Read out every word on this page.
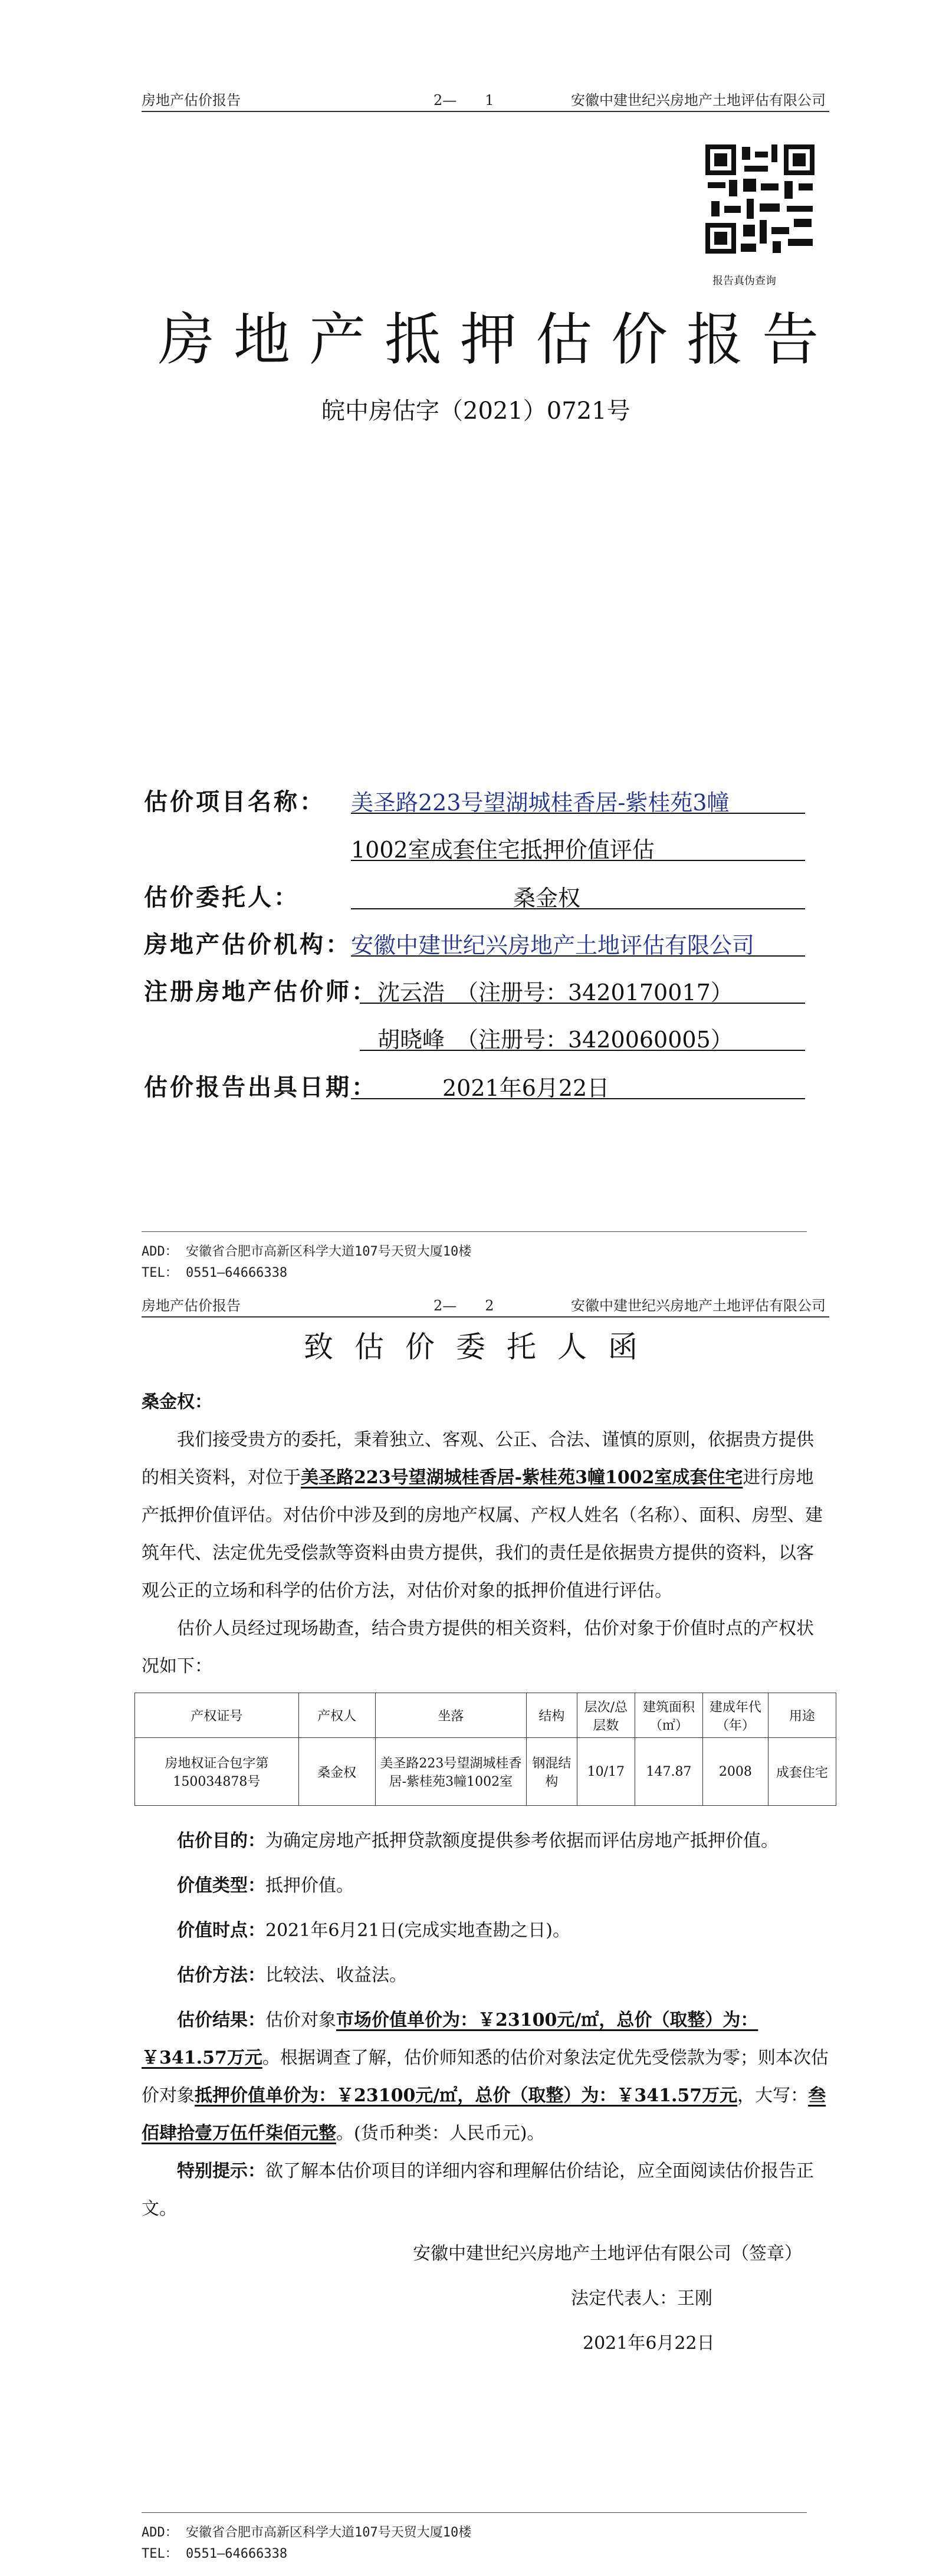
房地产估价报告	2—　　1	安徽中建世纪兴房地产土地评估有限公司
报告真伪查询
房地产抵押估价报告
皖中房估字（2021）0721号
估价项目名称： 美圣路223号望湖城桂香居-紫桂苑3幢
1002室成套住宅抵押价值评估
估价委托人：	桑金权
房地产估价机构： 安徽中建世纪兴房地产土地评估有限公司
注册房地产估价师： 沈云浩　（注册号：3420170017）
胡晓峰　（注册号：3420060005）
估价报告出具日期：	2021年6月22日
ADD： 安徽省合肥市高新区科学大道107号天贸大厦10楼
TEL： 0551—64666338
房地产估价报告	2—　　2	安徽中建世纪兴房地产土地评估有限公司
致估价委托人函
桑金权：
我们接受贵方的委托，秉着独立、客观、公正、合法、谨慎的原则，依据贵方提供的相关资料，对位于美圣路223号望湖城桂香居-紫桂苑3幢1002室成套住宅进行房地产抵押价值评估。对估价中涉及到的房地产权属、产权人姓名（名称）、面积、房型、建筑年代、法定优先受偿款等资料由贵方提供，我们的责任是依据贵方提供的资料，以客观公正的立场和科学的估价方法，对估价对象的抵押价值进行评估。
估价人员经过现场勘查，结合贵方提供的相关资料，估价对象于价值时点的产权状况如下：
产权证号	产权人	坐落	结构	层次/总层数	建筑面积（㎡）	建成年代（年）	用途
房地权证合包字第150034878号	桑金权	美圣路223号望湖城桂香居-紫桂苑3幢1002室	钢混结构	10/17	147.87	2008	成套住宅
估价目的：为确定房地产抵押贷款额度提供参考依据而评估房地产抵押价值。
价值类型：抵押价值。
价值时点：2021年6月21日(完成实地查勘之日)。
估价方法：比较法、收益法。
估价结果：估价对象市场价值单价为：￥23100元/㎡，总价（取整）为：￥341.57万元。根据调查了解，估价师知悉的估价对象法定优先受偿款为零；则本次估价对象抵押价值单价为：￥23100元/㎡，总价（取整）为：￥341.57万元，大写：叁佰肆拾壹万伍仟柒佰元整。(货币种类：人民币元)。
特别提示：欲了解本估价项目的详细内容和理解估价结论，应全面阅读估价报告正文。
安徽中建世纪兴房地产土地评估有限公司（签章）
法定代表人：王刚
2021年6月22日
ADD： 安徽省合肥市高新区科学大道107号天贸大厦10楼
TEL： 0551—64666338
